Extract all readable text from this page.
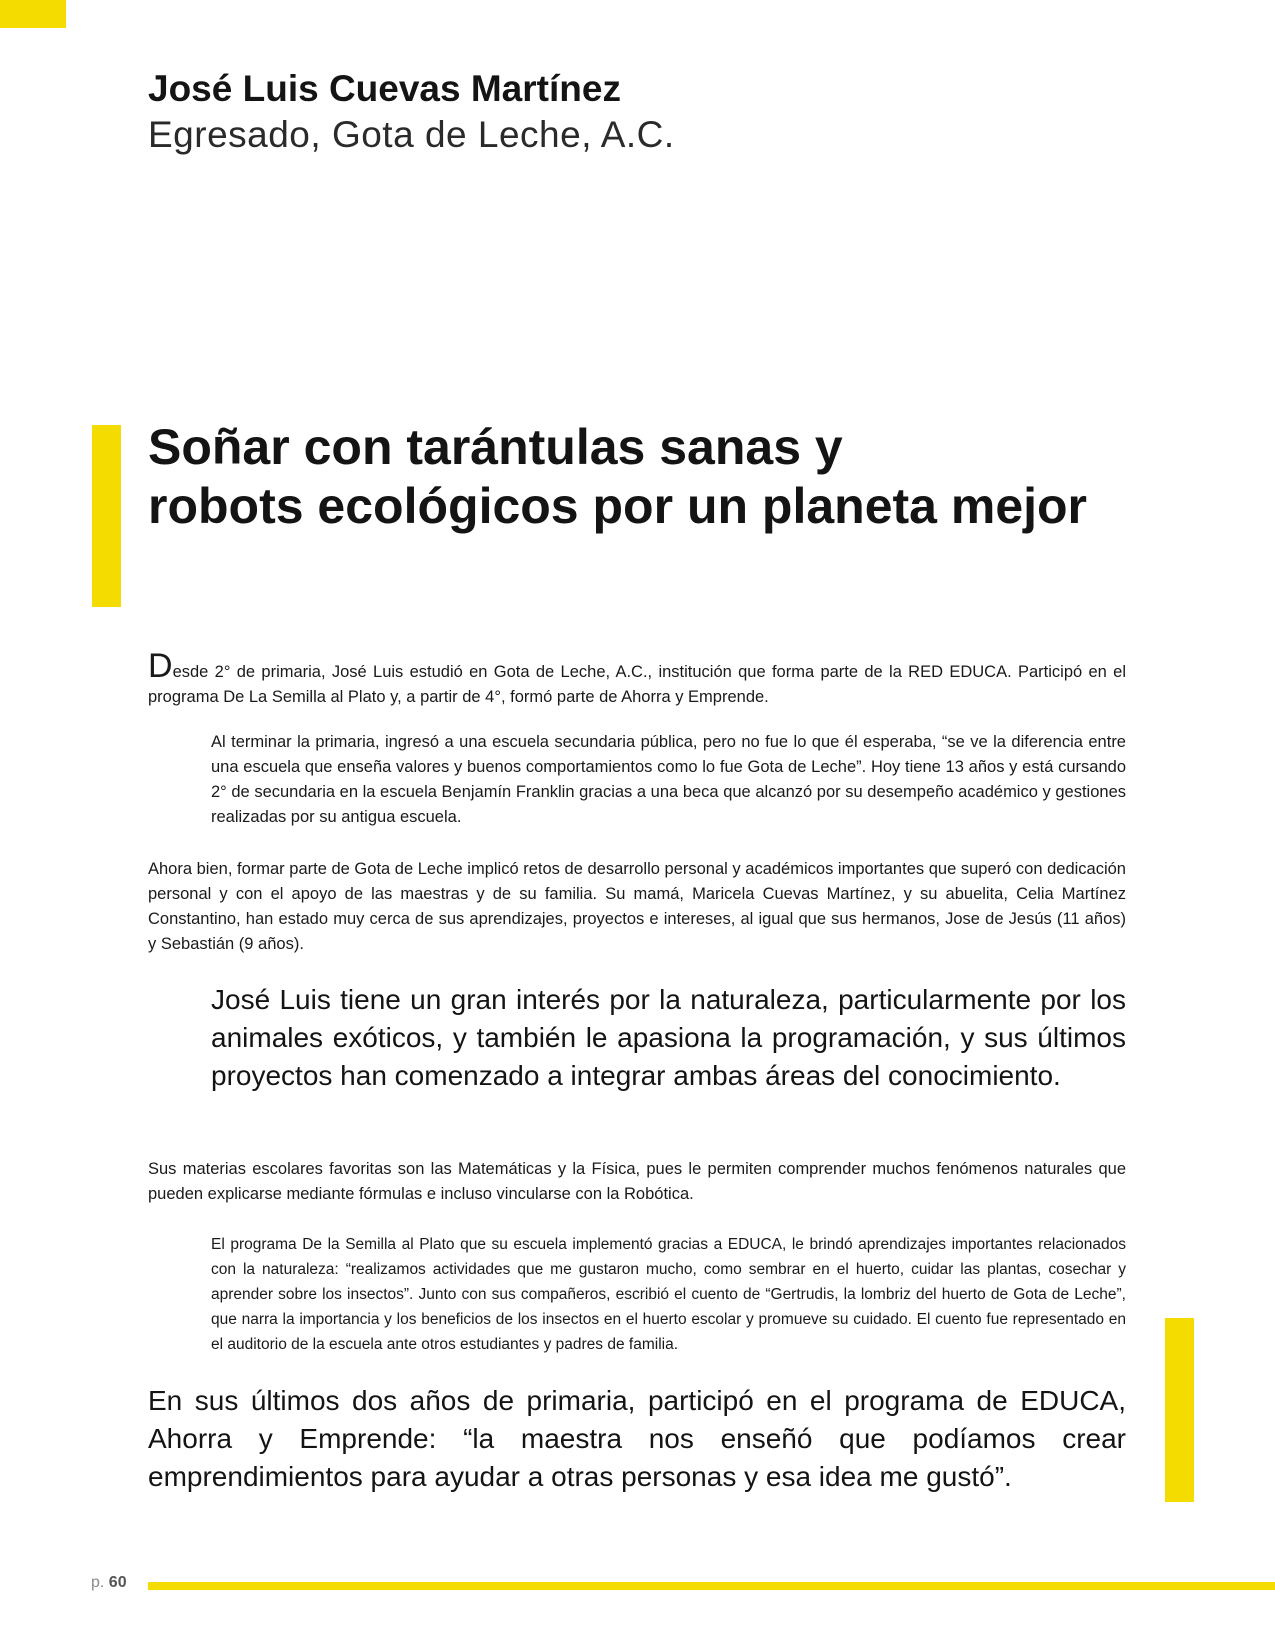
José Luis Cuevas Martínez

Egresado, Gota de Leche, A.C.

Soñar con tarántulas sanas y
robots ecológicos por un planeta mejor

Desde 2° de primaria, José Luis estudió en Gota de Leche, A.C., institución que forma parte de la RED EDUCA. Participó en el programa De La Semilla al Plato y, a partir de 4°, formó parte de Ahorra y Emprende.

Al terminar la primaria, ingresó a una escuela secundaria pública, pero no fue lo que él esperaba, “se ve la diferencia entre una escuela que enseña valores y buenos comportamientos como lo fue Gota de Leche”. Hoy tiene 13 años y está cursando 2° de secundaria en la escuela Benjamín Franklin gracias a una beca que alcanzó por su desempeño académico y gestiones realizadas por su antigua escuela.

Ahora bien, formar parte de Gota de Leche implicó retos de desarrollo personal y académicos importantes que superó con dedicación personal y con el apoyo de las maestras y de su familia. Su mamá, Maricela Cuevas Martínez, y su abuelita, Celia Martínez Constantino, han estado muy cerca de sus aprendizajes, proyectos e intereses, al igual que sus hermanos, Jose de Jesús (11 años) y Sebastián (9 años).

José Luis tiene un gran interés por la naturaleza, particularmente por los animales exóticos, y también le apasiona la programación, y sus últimos proyectos han comenzado a integrar ambas áreas del conocimiento.

Sus materias escolares favoritas son las Matemáticas y la Física, pues le permiten comprender muchos fenómenos naturales que pueden explicarse mediante fórmulas e incluso vincularse con la Robótica.

El programa De la Semilla al Plato que su escuela implementó gracias a EDUCA, le brindó aprendizajes importantes relacionados con la naturaleza: “realizamos actividades que me gustaron mucho, como sembrar en el huerto, cuidar las plantas, cosechar y aprender sobre los insectos”. Junto con sus compañeros, escribió el cuento de “Gertrudis, la lombriz del huerto de Gota de Leche”, que narra la importancia y los beneficios de los insectos en el huerto escolar y promueve su cuidado. El cuento fue representado en el auditorio de la escuela ante otros estudiantes y padres de familia.

En sus últimos dos años de primaria, participó en el programa de EDUCA, Ahorra y Emprende: “la maestra nos enseñó que podíamos crear emprendimientos para ayudar a otras personas y esa idea me gustó”.

p. 60
